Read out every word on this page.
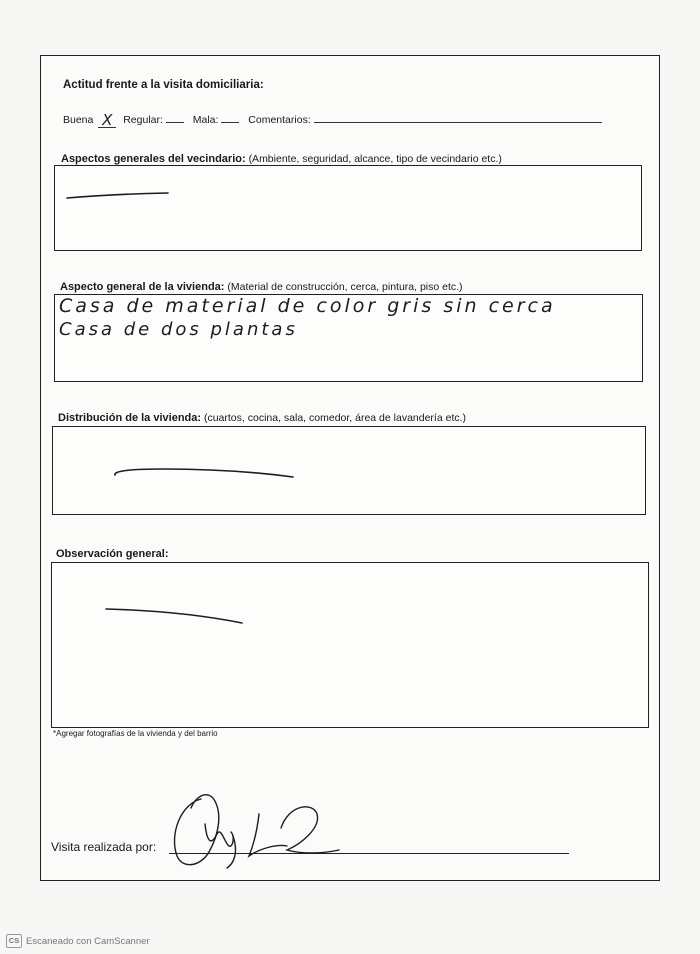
Actitud frente a la visita domiciliaria:
Buena X Regular:	Mala:	Comentarios:
Aspectos generales del vecindario: (Ambiente, seguridad, alcance, tipo de vecindario etc.)
Aspecto general de la vivienda: (Material de construcción, cerca, pintura, piso etc.)
Casa de material de color gris sin cerca
Casa de dos plantas
Distribución de la vivienda: (cuartos, cocina, sala, comedor, área de lavandería etc.)
Observación general:
*Agregar fotografías de la vivienda y del barrio
Visita realizada por:
CS Escaneado con CamScanner
